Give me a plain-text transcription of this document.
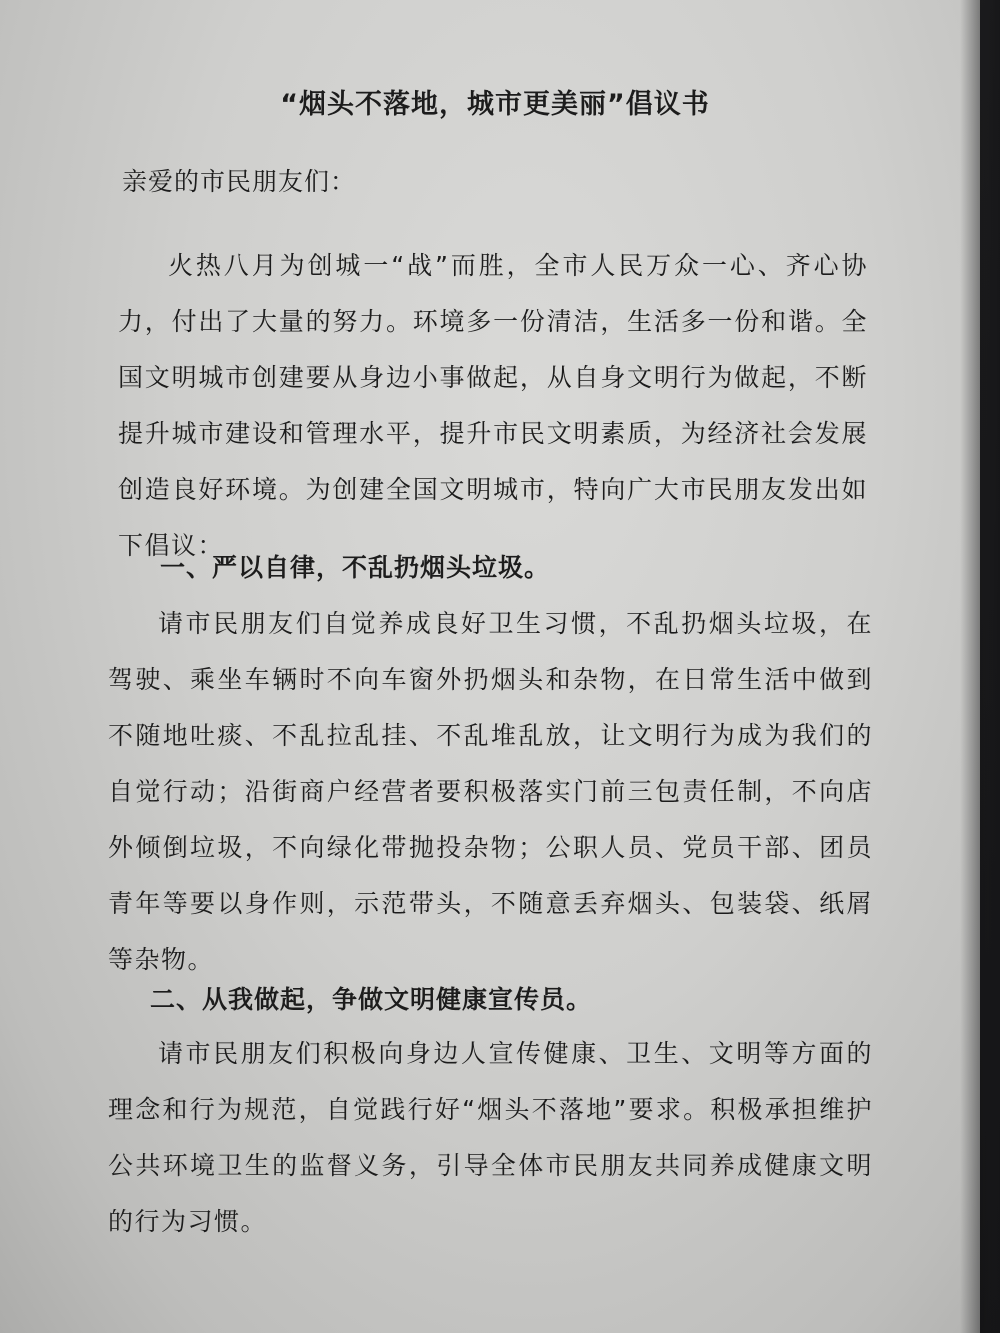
“烟头不落地，城市更美丽”倡议书
亲爱的市民朋友们：
火热八月为创城一“战”而胜，全市人民万众一心、齐心协力，付出了大量的努力。环境多一份清洁，生活多一份和谐。全国文明城市创建要从身边小事做起，从自身文明行为做起，不断提升城市建设和管理水平，提升市民文明素质，为经济社会发展创造良好环境。为创建全国文明城市，特向广大市民朋友发出如下倡议：
一、严以自律，不乱扔烟头垃圾。
请市民朋友们自觉养成良好卫生习惯，不乱扔烟头垃圾，在驾驶、乘坐车辆时不向车窗外扔烟头和杂物，在日常生活中做到不随地吐痰、不乱拉乱挂、不乱堆乱放，让文明行为成为我们的自觉行动；沿街商户经营者要积极落实门前三包责任制，不向店外倾倒垃圾，不向绿化带抛投杂物；公职人员、党员干部、团员青年等要以身作则，示范带头，不随意丢弃烟头、包装袋、纸屑等杂物。
二、从我做起，争做文明健康宣传员。
请市民朋友们积极向身边人宣传健康、卫生、文明等方面的理念和行为规范，自觉践行好“烟头不落地”要求。积极承担维护公共环境卫生的监督义务，引导全体市民朋友共同养成健康文明的行为习惯。
